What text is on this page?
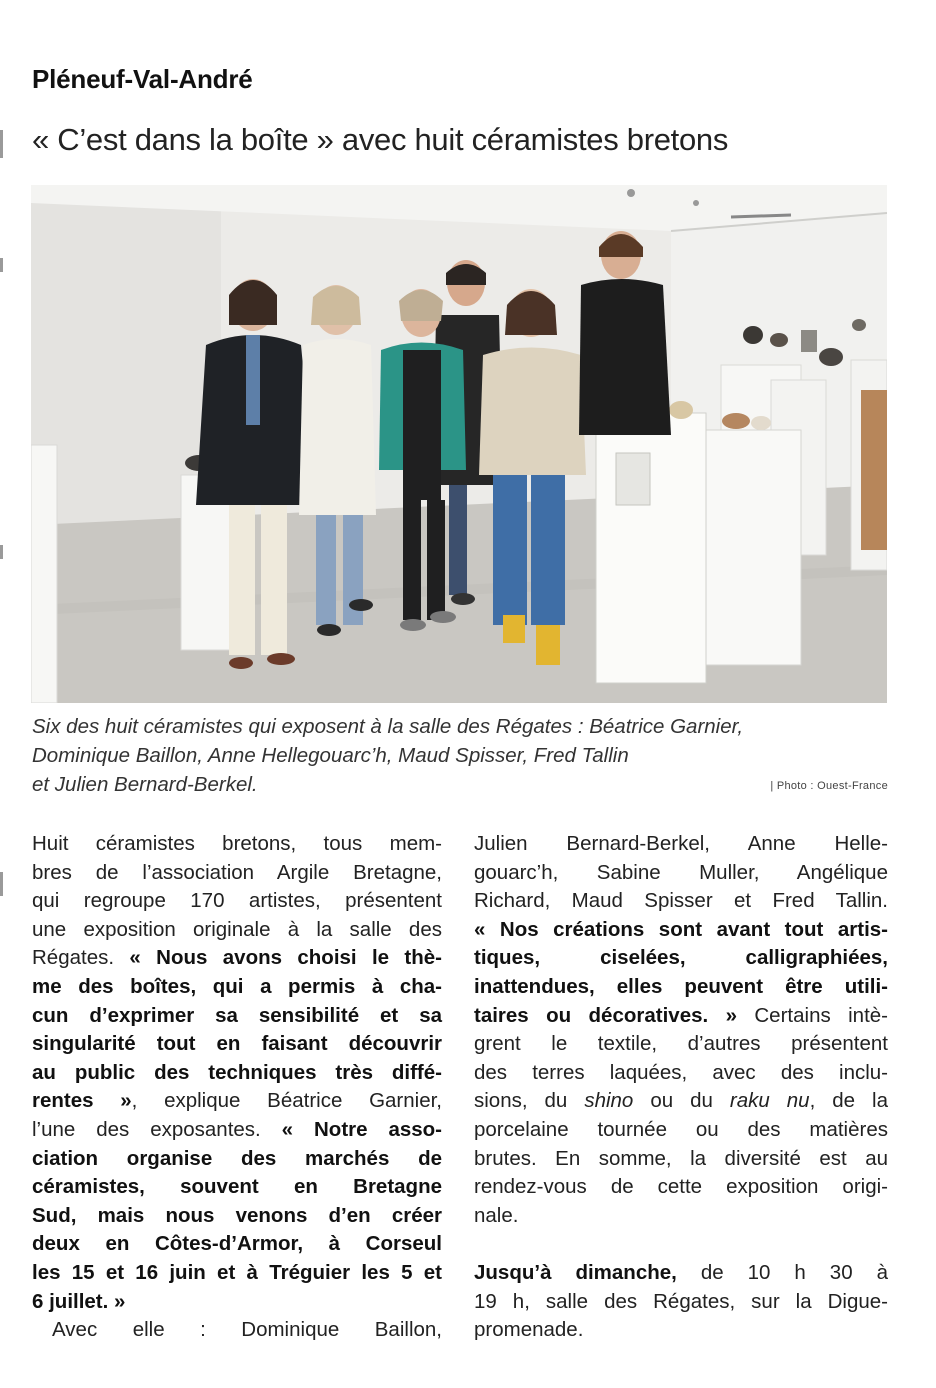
Pléneuf-Val-André
« C’est dans la boîte » avec huit céramistes bretons

Six des huit céramistes qui exposent à la salle des Régates : Béatrice Garnier,

Dominique Baillon, Anne Hellegouarc’h, Maud Spisser, Fred Tallin

et Julien Bernard-Berkel.	| Photo : Ouest-France
Huit céramistes bretons, tous mem-
bres de l’association Argile Bretagne,
qui regroupe 170 artistes, présentent
une exposition originale à la salle des
Régates. « Nous avons choisi le thè-
me des boîtes, qui a permis à cha-
cun d’exprimer sa sensibilité et sa
singularité tout en faisant découvrir
au public des techniques très diffé-
rentes », explique Béatrice Garnier,
l’une des exposantes. « Notre asso-
ciation organise des marchés de
céramistes, souvent en Bretagne
Sud, mais nous venons d’en créer
deux en Côtes-d’Armor, à Corseul
les 15 et 16 juin et à Tréguier les 5 et
6 juillet. »
Avec elle : Dominique Baillon,
Julien Bernard-Berkel, Anne Helle-
gouarc’h, Sabine Muller, Angélique
Richard, Maud Spisser et Fred Tallin.
« Nos créations sont avant tout artis-
tiques, ciselées, calligraphiées,
inattendues, elles peuvent être utili-
taires ou décoratives. » Certains intè-
grent le textile, d’autres présentent
des terres laquées, avec des inclu-
sions, du shino ou du raku nu, de la
porcelaine tournée ou des matières
brutes. En somme, la diversité est au
rendez-vous de cette exposition origi-
nale.

Jusqu’à dimanche, de 10 h 30 à
19 h, salle des Régates, sur la Digue-
promenade.
